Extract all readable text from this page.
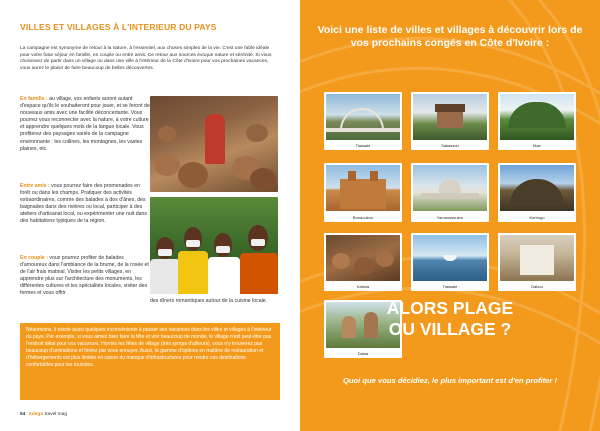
VILLES ET VILLAGES À L'INTERIEUR DU PAYS
La campagne est synonyme de retour à la nature, à l'essentiel, aux choses simples de la vie. C'est une fable idéale pour votre futur séjour en famille, en couple ou entre amis. Ce retour aux sources évoque nature et sérénité. Si vous choisissez de partir dans un village ou dans une ville à l'intérieur de la Côte d'Ivoire pour vos prochaines vacances, vous aurez le plaisir de faire beaucoup de belles découvertes.
En famille : au village, vos enfants auront autant d'espace qu'ils le souhaiteront pour jouer, et se feront de nouveaux amis avec une facilité déconcertante. Vous pourrez vous reconnecter avec la nature, à votre culture et apprendre quelques mots de la langue locale. Vous profiterez des paysages variés de la campagne environnante : les collines, les montagnes, les vastes plaines, etc.
Entre amis : vous pourrez faire des promenades en forêt ou dans les champs. Pratiquer des activités extraordinaires, comme des balades à dos d'ânes, des baignades dans des rivières ou local, participer à des ateliers d'artisanat local, ou expérimenter une nuit dans des habitations typiques de la région.
En couple : vous pourrez profiter de balades d'amoureux dans l'ambiance de la brume, de la rosée et de l'air frais matinal. Visiter les petits villages, en apprendre plus sur l'architecture des monuments, les différentes cultures et les spécialités locales, visiter des fermes et vous offrir
des dîners romantiques autour de la cuisine locale.
Néanmoins, il existe aussi quelques inconvénients à passer ses vacances dans les villes et villages à l'intérieur du pays. Par exemple, si vous aimez bien faire la fête et voir beaucoup de monde, le village n'est peut-être pas l'endroit idéal pour vos vacances. Hormis les fêtes de village (très sympa d'ailleurs), vous n'y trouverez pas beaucoup d'animations et finirez par vous ennuyer. Aussi, la gamme d'options en matière de restauration et d'hébergements est plus limitée en raison du manque d'infrastructures pour rendre ces destinations confortables pour les touristes.
54 Adego travel mag
Voici une liste de villes et villages à découvrir lors de vos prochains congés en Côte d'Ivoire :
Tiassalé	Sakassou	Man
Bondoukou	Yamoussoukro	Korhogo
Katiola	Tiassalé	Dabou
Daloa
ALORS PLAGE
OU VILLAGE ?
Quoi que vous décidiez, le plus important est d'en profiter !
